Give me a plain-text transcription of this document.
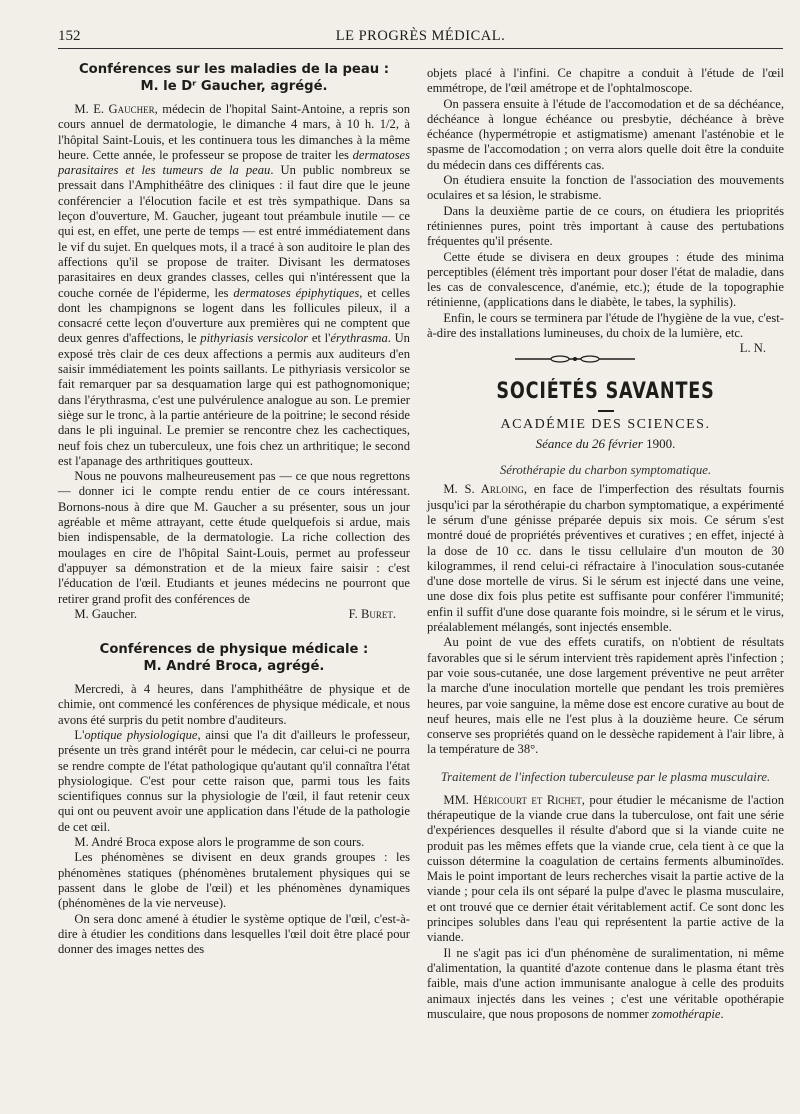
152	LE PROGRÈS MÉDICAL.
Conférences sur les maladies de la peau :
M. le Dʳ Gaucher, agrégé.

M. E. Gaucher, médecin de l'hopital Saint-Antoine, a repris son cours annuel de dermatologie, le dimanche 4 mars, à 10 h. 1/2, à l'hôpital Saint-Louis, et les continuera tous les dimanches à la même heure. Cette année, le professeur se propose de traiter les dermatoses parasitaires et les tumeurs de la peau. Un public nombreux se pressait dans l'Amphithéâtre des cliniques : il faut dire que le jeune conférencier a l'élocution facile et est très sympathique. Dans sa leçon d'ouverture, M. Gaucher, jugeant tout préambule inutile — ce qui est, en effet, une perte de temps — est entré immédiatement dans le vif du sujet. En quelques mots, il a tracé à son auditoire le plan des affections qu'il se propose de traiter. Divisant les dermatoses parasitaires en deux grandes classes, celles qui n'intéressent que la couche cornée de l'épiderme, les dermatoses épiphytiques, et celles dont les champignons se logent dans les follicules pileux, il a consacré cette leçon d'ouverture aux premières qui ne comptent que deux genres d'affections, le pithyriasis versicolor et l'érythrasma. Un exposé très clair de ces deux affections a permis aux auditeurs d'en saisir immédiatement les points saillants. Le pithyriasis versicolor se fait remarquer par sa desquamation large qui est pathognomonique; dans l'érythrasma, c'est une pulvérulence analogue au son. Le premier siège sur le tronc, à la partie antérieure de la poitrine; le second réside dans le pli inguinal. Le premier se rencontre chez les cachectiques, neuf fois chez un tuberculeux, une fois chez un arthritique; le second est l'apanage des arthritiques goutteux.

Nous ne pouvons malheureusement pas — ce que nous regrettons — donner ici le compte rendu entier de ce cours intéressant. Bornons-nous à dire que M. Gaucher a su présenter, sous un jour agréable et même attrayant, cette étude quelquefois si ardue, mais bien indispensable, de la dermatologie. La riche collection des moulages en cire de l'hôpital Saint-Louis, permet au professeur d'appuyer sa démonstration et de la mieux faire saisir : c'est l'éducation de l'œil. Etudiants et jeunes médecins ne pourront que retirer grand profit des conférences de

M. Gaucher.	F. Buret.
Conférences de physique médicale :
M. André Broca, agrégé.

Mercredi, à 4 heures, dans l'amphithéâtre de physique et de chimie, ont commencé les conférences de physique médicale, et nous avons été surpris du petit nombre d'auditeurs.

L'optique physiologique, ainsi que l'a dit d'ailleurs le professeur, présente un très grand intérêt pour le médecin, car celui-ci ne pourra se rendre compte de l'état pathologique qu'autant qu'il connaîtra l'état physiologique. C'est pour cette raison que, parmi tous les faits scientifiques connus sur la physiologie de l'œil, il faut retenir ceux qui ont ou peuvent avoir une application dans l'étude de la pathologie de cet œil.

M. André Broca expose alors le programme de son cours.

Les phénomènes se divisent en deux grands groupes : les phénomènes statiques (phénomènes brutalement physiques qui se passent dans le globe de l'œil) et les phénomènes dynamiques (phénomènes de la vie nerveuse).

On sera donc amené à étudier le système optique de l'œil, c'est-à-dire à étudier les conditions dans lesquelles l'œil doit être placé pour donner des images nettes des

objets placé à l'infini. Ce chapitre a conduit à l'étude de l'œil emmétrope, de l'œil amétrope et de l'ophtalmoscope.

On passera ensuite à l'étude de l'accomodation et de sa déchéance, déchéance à longue échéance ou presbytie, déchéance à brève échéance (hypermétropie et astigmatisme) amenant l'asténobie et le spasme de l'accomodation ; on verra alors quelle doit être la conduite du médecin dans ces différents cas.

On étudiera ensuite la fonction de l'association des mouvements oculaires et sa lésion, le strabisme.

Dans la deuxième partie de ce cours, on étudiera les prioprités rétiniennes pures, point très important à cause des pertubations fréquentes qu'il présente.

Cette étude se divisera en deux groupes : étude des minima perceptibles (élément très important pour doser l'état de maladie, dans les cas de convalescence, d'anémie, etc.); étude de la topographie rétinienne, (applications dans le diabète, le tabes, la syphilis).

Enfin, le cours se terminera par l'étude de l'hygiène de la vue, c'est-à-dire des installations lumineuses, du choix de la lumière, etc.
L. N.

SOCIÉTÉS SAVANTES
ACADÉMIE DES SCIENCES.
Séance du 26 février 1900.
Sérothérapie du charbon symptomatique.

M. S. Arloing, en face de l'imperfection des résultats fournis jusqu'ici par la sérothérapie du charbon symptomatique, a expérimenté le sérum d'une génisse préparée depuis six mois. Ce sérum s'est montré doué de propriétés préventives et curatives ; en effet, injecté à la dose de 10 cc. dans le tissu cellulaire d'un mouton de 30 kilogrammes, il rend celui-ci réfractaire à l'inoculation sous-cutanée d'une dose mortelle de virus. Si le sérum est injecté dans une veine, une dose dix fois plus petite est suffisante pour conférer l'immunité; enfin il suffit d'une dose quarante fois moindre, si le sérum et le virus, préalablement mélangés, sont injectés ensemble.

Au point de vue des effets curatifs, on n'obtient de résultats favorables que si le sérum intervient très rapidement après l'infection ; par voie sous-cutanée, une dose largement préventive ne peut arrêter la marche d'une inoculation mortelle que pendant les trois premières heures, par voie sanguine, la même dose est encore curative au bout de neuf heures, mais elle ne l'est plus à la douzième heure. Ce sérum conserve ses propriétés quand on le dessèche rapidement à l'air libre, à la température de 38°.

Traitement de l'infection tuberculeuse par le plasma musculaire.

MM. Héricourt et Richet, pour étudier le mécanisme de l'action thérapeutique de la viande crue dans la tuberculose, ont fait une série d'expériences desquelles il résulte d'abord que si la viande cuite ne produit pas les mêmes effets que la viande crue, cela tient à ce que la cuisson détermine la coagulation de certains ferments albuminoïdes. Mais le point important de leurs recherches visait la partie active de la viande ; pour cela ils ont séparé la pulpe d'avec le plasma musculaire, et ont trouvé que ce dernier était véritablement actif. Ce sont donc les principes solubles dans l'eau qui représentent la partie active de la viande.

Il ne s'agit pas ici d'un phénomène de suralimentation, ni même d'alimentation, la quantité d'azote contenue dans le plasma étant très faible, mais d'une action immunisante analogue à celle des produits animaux injectés dans les veines ; c'est une véritable opothérapie musculaire, que nous proposons de nommer zomothérapie.
